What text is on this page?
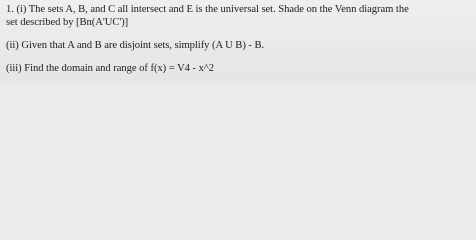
1. (i) The sets A, B, and C all intersect and E is the universal set. Shade on the Venn diagram the
set described by [Bn(A'UC')]
(ii) Given that A and B are disjoint sets, simplify (A U B) - B.
(iii) Find the domain and range of f(x) = V4 - x^2
